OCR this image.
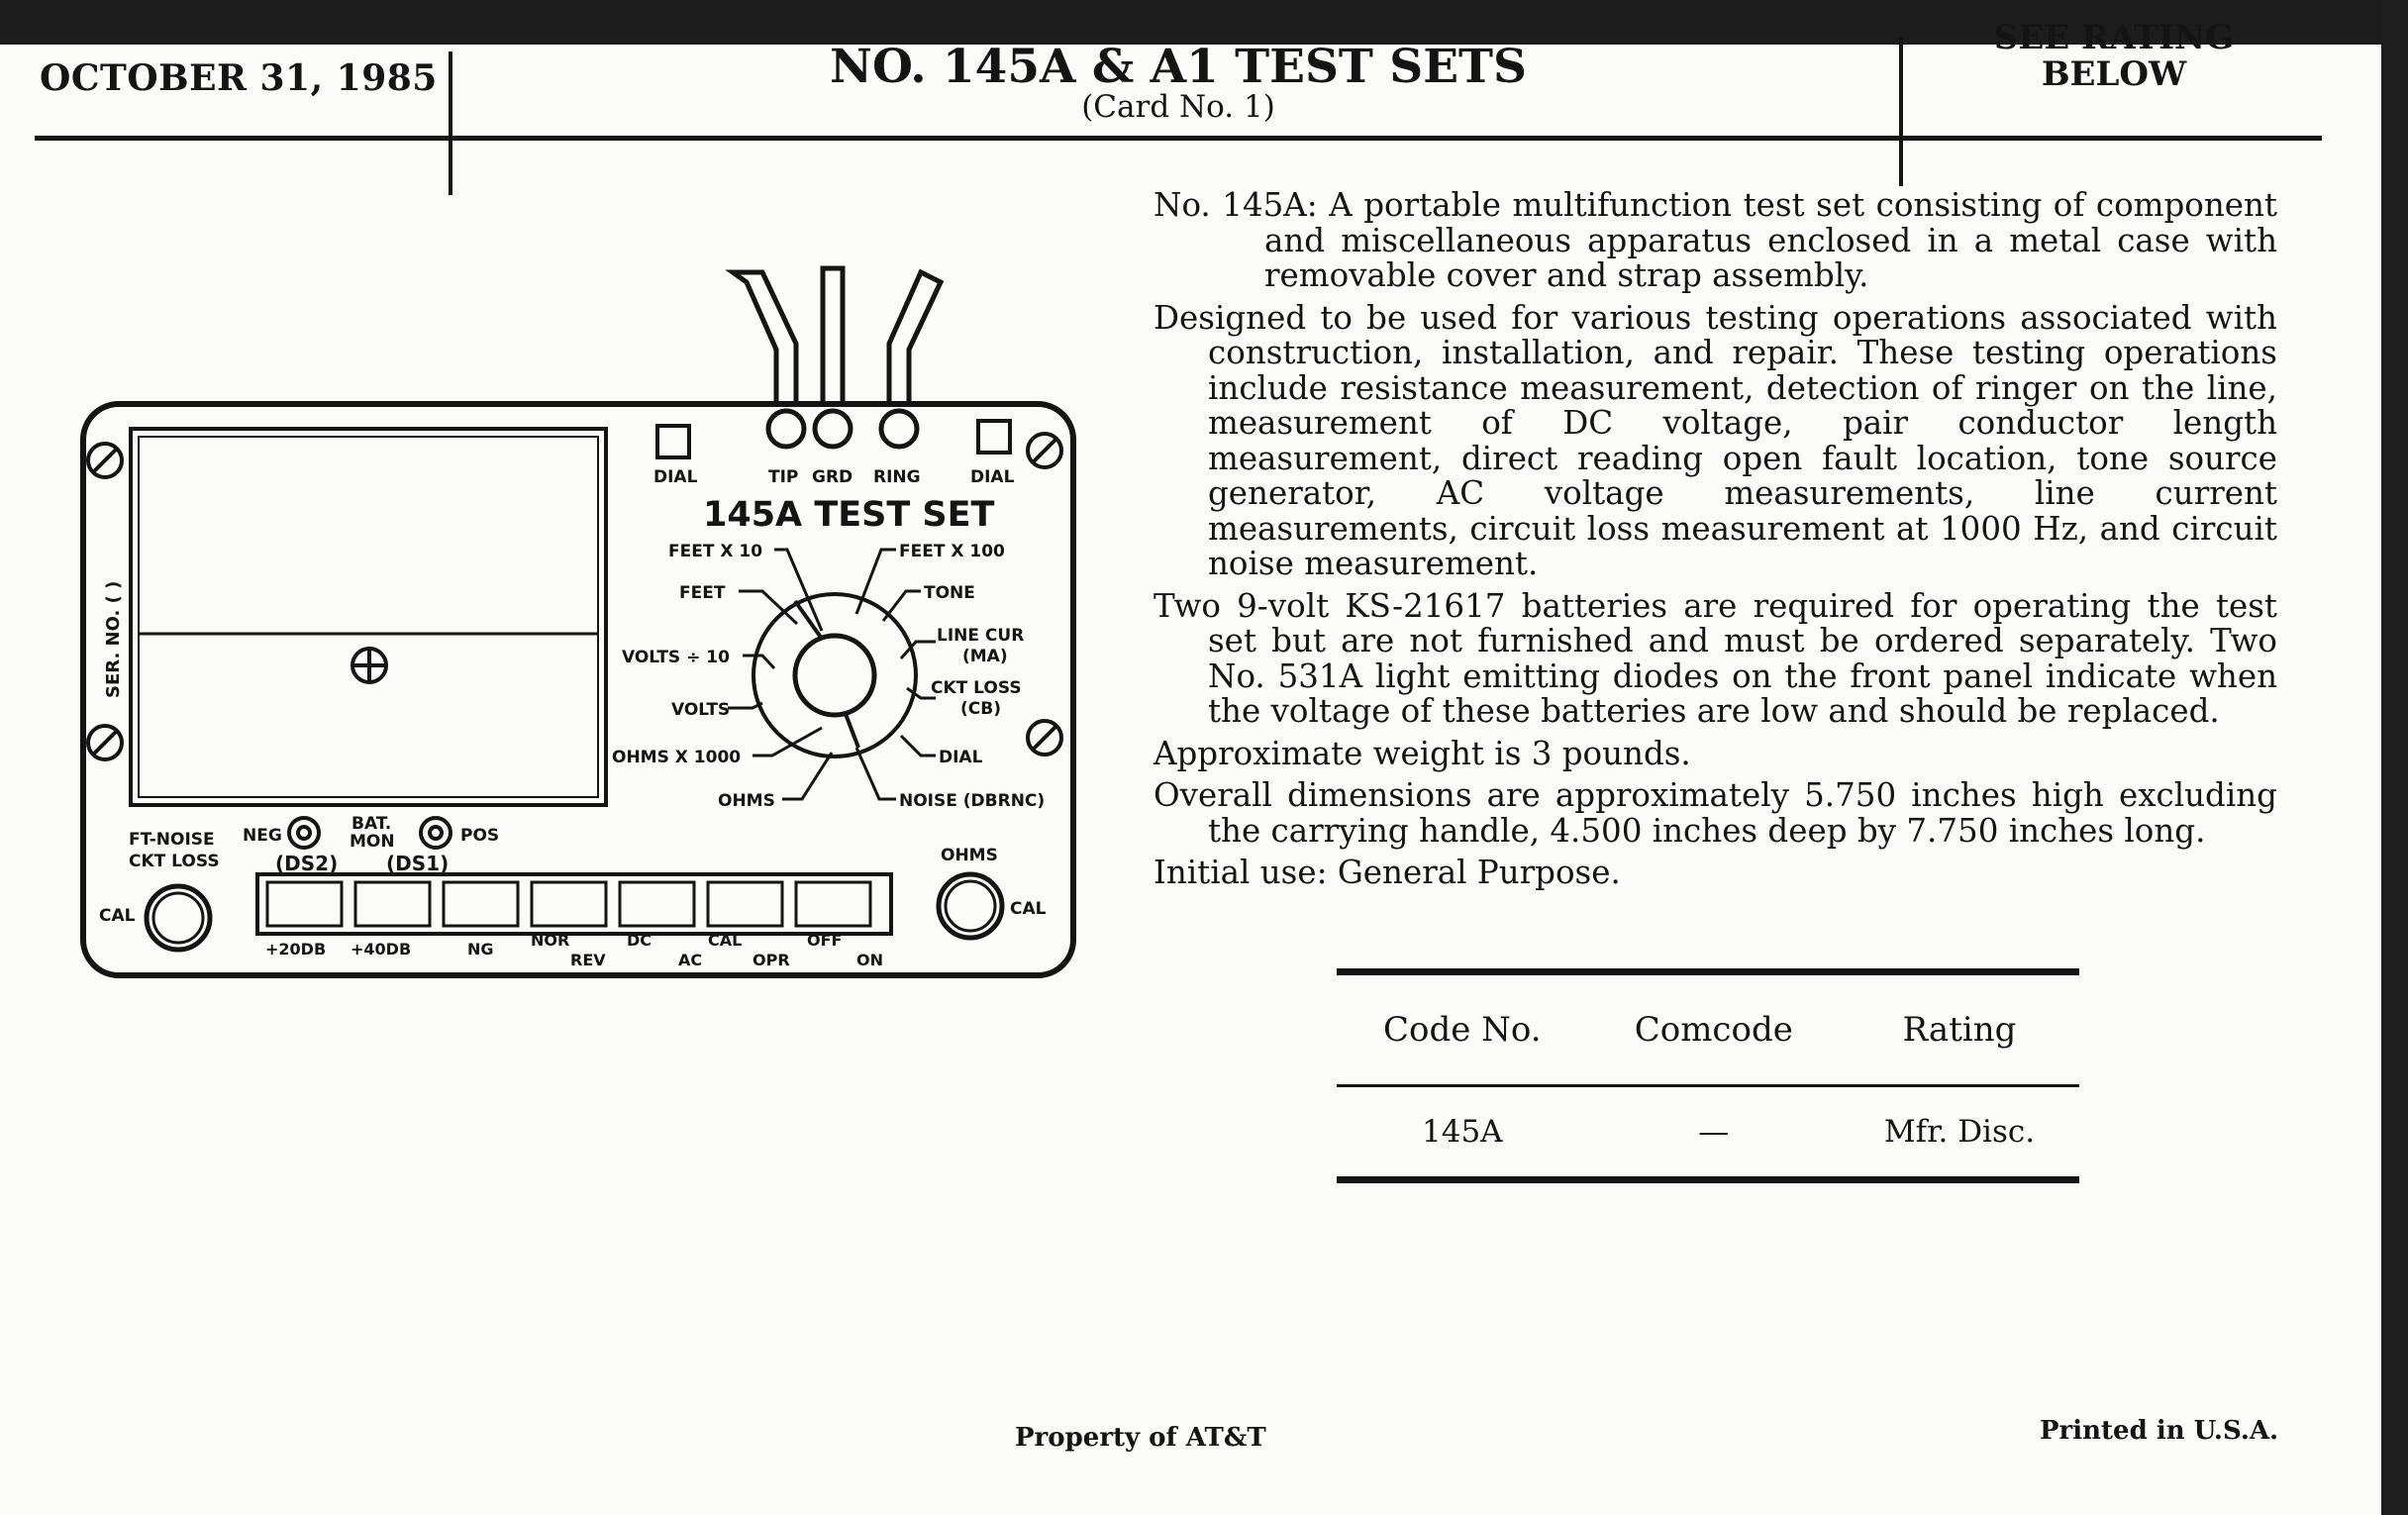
OCTOBER 31, 1985	NO. 145A & A1 TEST SETS
(Card No. 1)
SEE RATING
BELOW
SER. NO. ( )
DIAL	TIP GRD RING	DIAL
145A TEST SET
FEET X 10
FEET
VOLTS ÷ 10
VOLTS
OHMS X 1000
OHMS
FEET X 100
TONE
LINE CUR
(MA)
CKT LOSS
(CB)
DIAL
NOISE (DBRNC)
FT-NOISE
CKT LOSS
NEG
BAT.
MON	POS
(DS2) (DS1)
CAL
OHMS
CAL
+20DB +40DB	NG NOR
REV
DC
AC
CAL
OPR
OFF
ON

No. 145A: A portable multifunction test set consisting of component and miscellaneous apparatus enclosed in a metal case with removable cover and strap assembly.

Designed to be used for various testing operations associated with construction, installation, and repair. These testing operations include resistance measurement, detection of ringer on the line, measurement of DC voltage, pair conductor length measurement, direct reading open fault location, tone source generator, AC voltage measurements, line current measurements, circuit loss measurement at 1000 Hz, and circuit noise measurement.

Two 9-volt KS-21617 batteries are required for operating the test set but are not furnished and must be ordered separately. Two No. 531A light emitting diodes on the front panel indicate when the voltage of these batteries are low and should be replaced.

Approximate weight is 3 pounds.

Overall dimensions are approximately 5.750 inches high excluding the carrying handle, 4.500 inches deep by 7.750 inches long.

Initial use: General Purpose.

Code No.	Comcode	Rating
145A	—	Mfr. Disc.
Property of AT&T	Printed in U.S.A.
